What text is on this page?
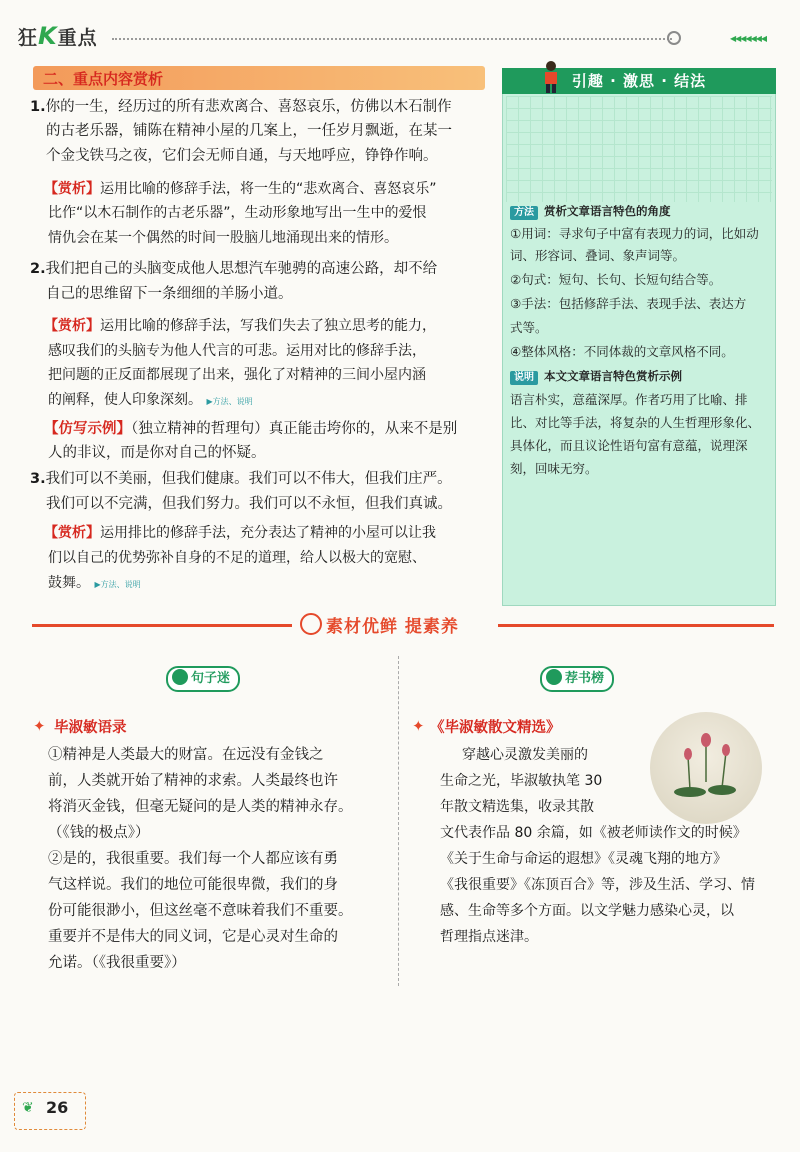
狂K重点	◀◀◀◀◀◀◀
二、重点内容赏析	引趣 · 激思 · 结法
方法 赏析文章语言特色的角度
①用词：寻求句子中富有表现力的词，比如动
词、形容词、叠词、象声词等。
②句式：短句、长句、长短句结合等。
③手法：包括修辞手法、表现手法、表达方
式等。
④整体风格：不同体裁的文章风格不同。
说明 本文文章语言特色赏析示例
语言朴实，意蕴深厚。作者巧用了比喻、排
比、对比等手法，将复杂的人生哲理形象化、
具体化，而且议论性语句富有意蕴，说理深
刻，回味无穷。
1.你的一生，经历过的所有悲欢离合、喜怒哀乐，仿佛以木石制作
的古老乐器，铺陈在精神小屋的几案上，一任岁月飘逝，在某一
个金戈铁马之夜，它们会无师自通，与天地呼应，铮铮作响。
【赏析】运用比喻的修辞手法，将一生的“悲欢离合、喜怒哀乐”
比作“以木石制作的古老乐器”，生动形象地写出一生中的爱恨
情仇会在某一个偶然的时间一股脑儿地涌现出来的情形。
2.我们把自己的头脑变成他人思想汽车驰骋的高速公路，却不给
自己的思维留下一条细细的羊肠小道。
【赏析】运用比喻的修辞手法，写我们失去了独立思考的能力，
感叹我们的头脑专为他人代言的可悲。运用对比的修辞手法，
把问题的正反面都展现了出来，强化了对精神的三间小屋内涵
的阐释，使人印象深刻。 ▶方法、说明
【仿写示例】（独立精神的哲理句）真正能击垮你的，从来不是别
人的非议，而是你对自己的怀疑。
3.我们可以不美丽，但我们健康。我们可以不伟大，但我们庄严。
我们可以不完满，但我们努力。我们可以不永恒，但我们真诚。
【赏析】运用排比的修辞手法，充分表达了精神的小屋可以让我
们以自己的优势弥补自身的不足的道理，给人以极大的宽慰、
鼓舞。 ▶方法、说明
素材优鲜 提素养
句子迷
✦ 毕淑敏语录
①精神是人类最大的财富。在远没有金钱之
前，人类就开始了精神的求索。人类最终也许
将消灭金钱，但毫无疑问的是人类的精神永存。
（《钱的极点》）
②是的，我很重要。我们每一个人都应该有勇
气这样说。我们的地位可能很卑微，我们的身
份可能很渺小，但这丝毫不意味着我们不重要。
重要并不是伟大的同义词，它是心灵对生命的
允诺。（《我很重要》）
荐书榜
✦ 《毕淑敏散文精选》
穿越心灵激发美丽的
生命之光，毕淑敏执笔 30
年散文精选集，收录其散
文代表作品 80 余篇，如《被老师读作文的时候》
《关于生命与命运的遐想》《灵魂飞翔的地方》
《我很重要》《冻顶百合》等，涉及生活、学习、情
感、生命等多个方面。以文学魅力感染心灵，以
哲理指点迷津。
❦ 26
